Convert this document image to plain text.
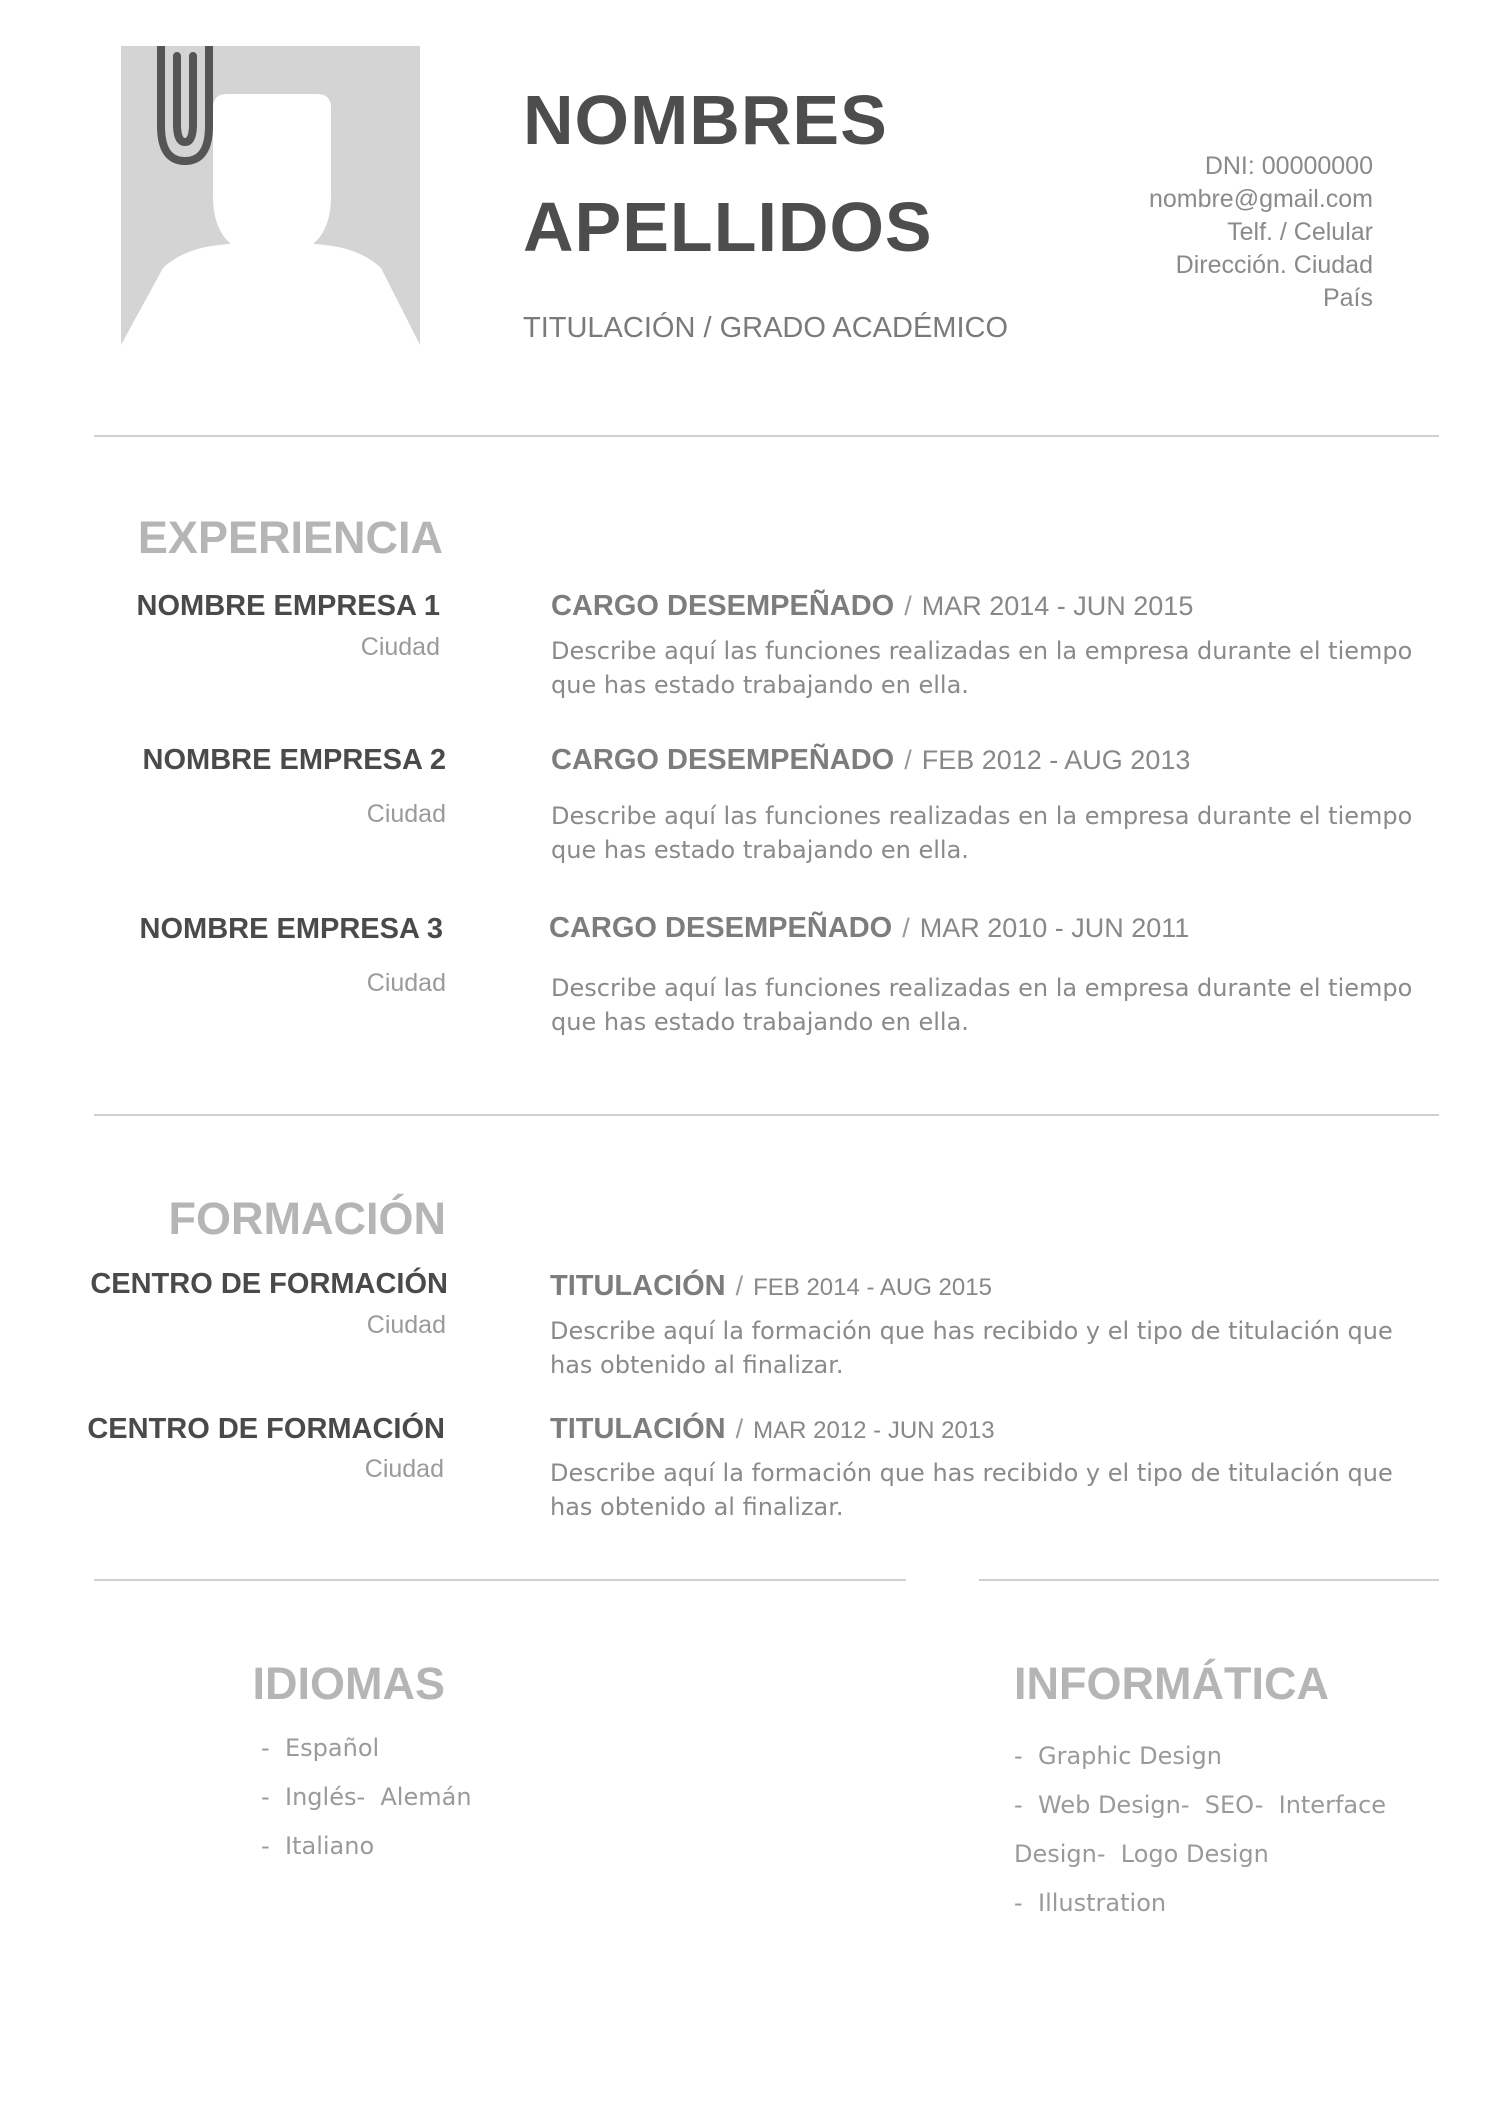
NOMBRES
APELLIDOS
TITULACIÓN / GRADO ACADÉMICO
DNI: 00000000
nombre@gmail.com
Telf. / Celular
Dirección. Ciudad
País
EXPERIENCIA
NOMBRE EMPRESA 1
Ciudad
CARGO DESEMPEÑADO / MAR 2014 - JUN 2015
Describe aquí las funciones realizadas en la empresa durante el tiempo que has estado trabajando en ella.
NOMBRE EMPRESA 2
Ciudad
CARGO DESEMPEÑADO / FEB 2012 - AUG 2013
Describe aquí las funciones realizadas en la empresa durante el tiempo que has estado trabajando en ella.
NOMBRE EMPRESA 3
Ciudad
CARGO DESEMPEÑADO / MAR 2010 - JUN 2011
Describe aquí las funciones realizadas en la empresa durante el tiempo que has estado trabajando en ella.
FORMACIÓN
CENTRO DE FORMACIÓN
Ciudad
TITULACIÓN / FEB 2014 - AUG 2015
Describe aquí la formación que has recibido y el tipo de titulación que has obtenido al finalizar.
CENTRO DE FORMACIÓN
Ciudad
TITULACIÓN / MAR 2012 - JUN 2013
Describe aquí la formación que has recibido y el tipo de titulación que has obtenido al finalizar.
IDIOMAS
- Español
- Inglés-  Alemán
- Italiano
INFORMÁTICA
- Graphic Design
- Web Design-  SEO-  Interface
Design-  Logo Design
- Illustration
